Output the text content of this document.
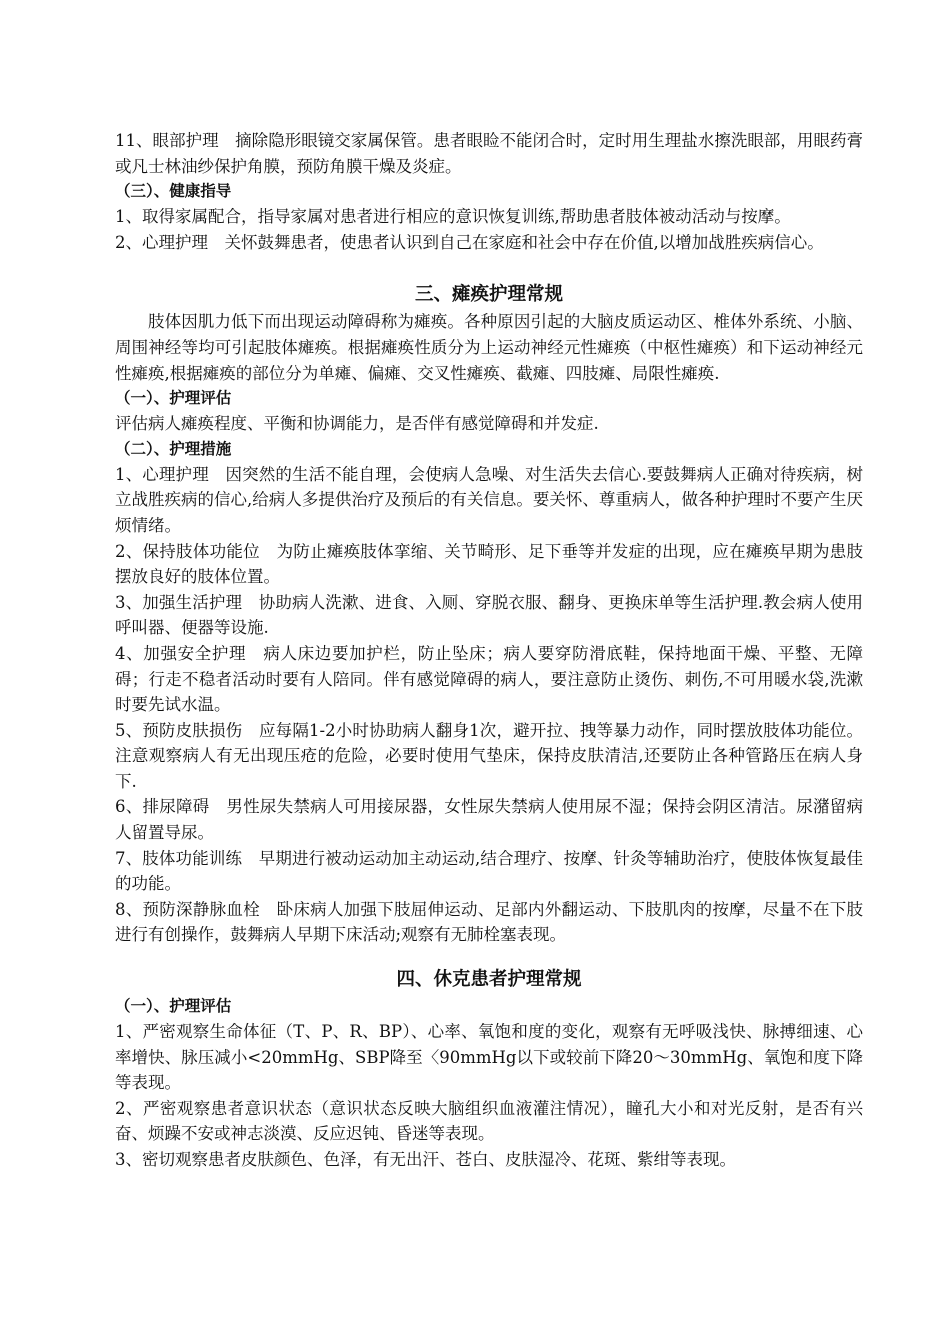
11、眼部护理　摘除隐形眼镜交家属保管。患者眼睑不能闭合时，定时用生理盐水擦洗眼部，用眼药膏或凡士林油纱保护角膜，预防角膜干燥及炎症。

（三）、健康指导

1、取得家属配合，指导家属对患者进行相应的意识恢复训练,帮助患者肢体被动活动与按摩。

2、心理护理　关怀鼓舞患者，使患者认识到自己在家庭和社会中存在价值,以增加战胜疾病信心。

三、瘫痪护理常规

肢体因肌力低下而出现运动障碍称为瘫痪。各种原因引起的大脑皮质运动区、椎体外系统、小脑、周围神经等均可引起肢体瘫痪。根据瘫痪性质分为上运动神经元性瘫痪（中枢性瘫痪）和下运动神经元性瘫痪,根据瘫痪的部位分为单瘫、偏瘫、交叉性瘫痪、截瘫、四肢瘫、局限性瘫痪.

（一）、护理评估

评估病人瘫痪程度、平衡和协调能力，是否伴有感觉障碍和并发症.

（二）、护理措施

1、心理护理　因突然的生活不能自理，会使病人急噪、对生活失去信心.要鼓舞病人正确对待疾病，树立战胜疾病的信心,给病人多提供治疗及预后的有关信息。要关怀、尊重病人，做各种护理时不要产生厌烦情绪。

2、保持肢体功能位　为防止瘫痪肢体挛缩、关节畸形、足下垂等并发症的出现，应在瘫痪早期为患肢摆放良好的肢体位置。

3、加强生活护理　协助病人洗漱、进食、入厕、穿脱衣服、翻身、更换床单等生活护理.教会病人使用呼叫器、便器等设施.

4、加强安全护理　病人床边要加护栏，防止坠床；病人要穿防滑底鞋，保持地面干燥、平整、无障碍；行走不稳者活动时要有人陪同。伴有感觉障碍的病人，要注意防止烫伤、刺伤,不可用暖水袋,洗漱时要先试水温。

5、预防皮肤损伤　应每隔1-2小时协助病人翻身1次，避开拉、拽等暴力动作，同时摆放肢体功能位。注意观察病人有无出现压疮的危险，必要时使用气垫床，保持皮肤清洁,还要防止各种管路压在病人身下.

6、排尿障碍　男性尿失禁病人可用接尿器，女性尿失禁病人使用尿不湿；保持会阴区清洁。尿潴留病人留置导尿。

7、肢体功能训练　早期进行被动运动加主动运动,结合理疗、按摩、针灸等辅助治疗，使肢体恢复最佳的功能。

8、预防深静脉血栓　卧床病人加强下肢屈伸运动、足部内外翻运动、下肢肌肉的按摩，尽量不在下肢进行有创操作，鼓舞病人早期下床活动;观察有无肺栓塞表现。

四、休克患者护理常规

（一）、护理评估

1、严密观察生命体征（T、P、R、BP）、心率、氧饱和度的变化，观察有无呼吸浅快、脉搏细速、心率增快、脉压减小<20mmHg、SBP降至〈90mmHg以下或较前下降20～30mmHg、氧饱和度下降等表现。

2、严密观察患者意识状态（意识状态反映大脑组织血液灌注情况），瞳孔大小和对光反射，是否有兴奋、烦躁不安或神志淡漠、反应迟钝、昏迷等表现。

3、密切观察患者皮肤颜色、色泽，有无出汗、苍白、皮肤湿冷、花斑、紫绀等表现。
